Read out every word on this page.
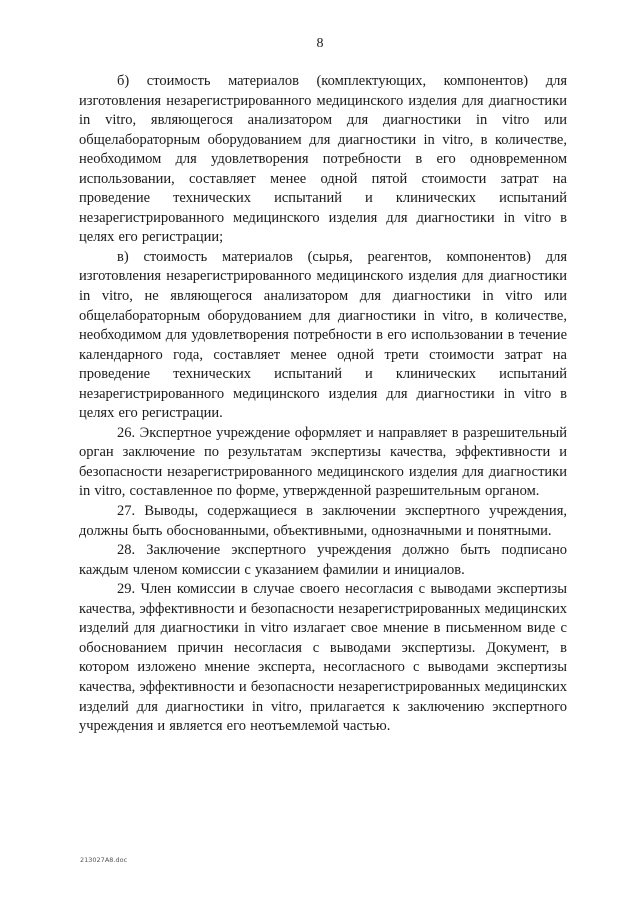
8

б) стоимость материалов (комплектующих, компонентов) для изготовления незарегистрированного медицинского изделия для диагностики in vitro, являющегося анализатором для диагностики in vitro или общелабораторным оборудованием для диагностики in vitro, в количестве, необходимом для удовлетворения потребности в его одновременном использовании, составляет менее одной пятой стоимости затрат на проведение технических испытаний и клинических испытаний незарегистрированного медицинского изделия для диагностики in vitro в целях его регистрации;

в) стоимость материалов (сырья, реагентов, компонентов) для изготовления незарегистрированного медицинского изделия для диагностики in vitro, не являющегося анализатором для диагностики in vitro или общелабораторным оборудованием для диагностики in vitro, в количестве, необходимом для удовлетворения потребности в его использовании в течение календарного года, составляет менее одной трети стоимости затрат на проведение технических испытаний и клинических испытаний незарегистрированного медицинского изделия для диагностики in vitro в целях его регистрации.

26. Экспертное учреждение оформляет и направляет в разрешительный орган заключение по результатам экспертизы качества, эффективности и безопасности незарегистрированного медицинского изделия для диагностики in vitro, составленное по форме, утвержденной разрешительным органом.

27. Выводы, содержащиеся в заключении экспертного учреждения, должны быть обоснованными, объективными, однозначными и понятными.

28. Заключение экспертного учреждения должно быть подписано каждым членом комиссии с указанием фамилии и инициалов.

29. Член комиссии в случае своего несогласия с выводами экспертизы качества, эффективности и безопасности незарегистрированных медицинских изделий для диагностики in vitro излагает свое мнение в письменном виде с обоснованием причин несогласия с выводами экспертизы. Документ, в котором изложено мнение эксперта, несогласного с выводами экспертизы качества, эффективности и безопасности незарегистрированных медицинских изделий для диагностики in vitro, прилагается к заключению экспертного учреждения и является его неотъемлемой частью.

213027А8.doc
